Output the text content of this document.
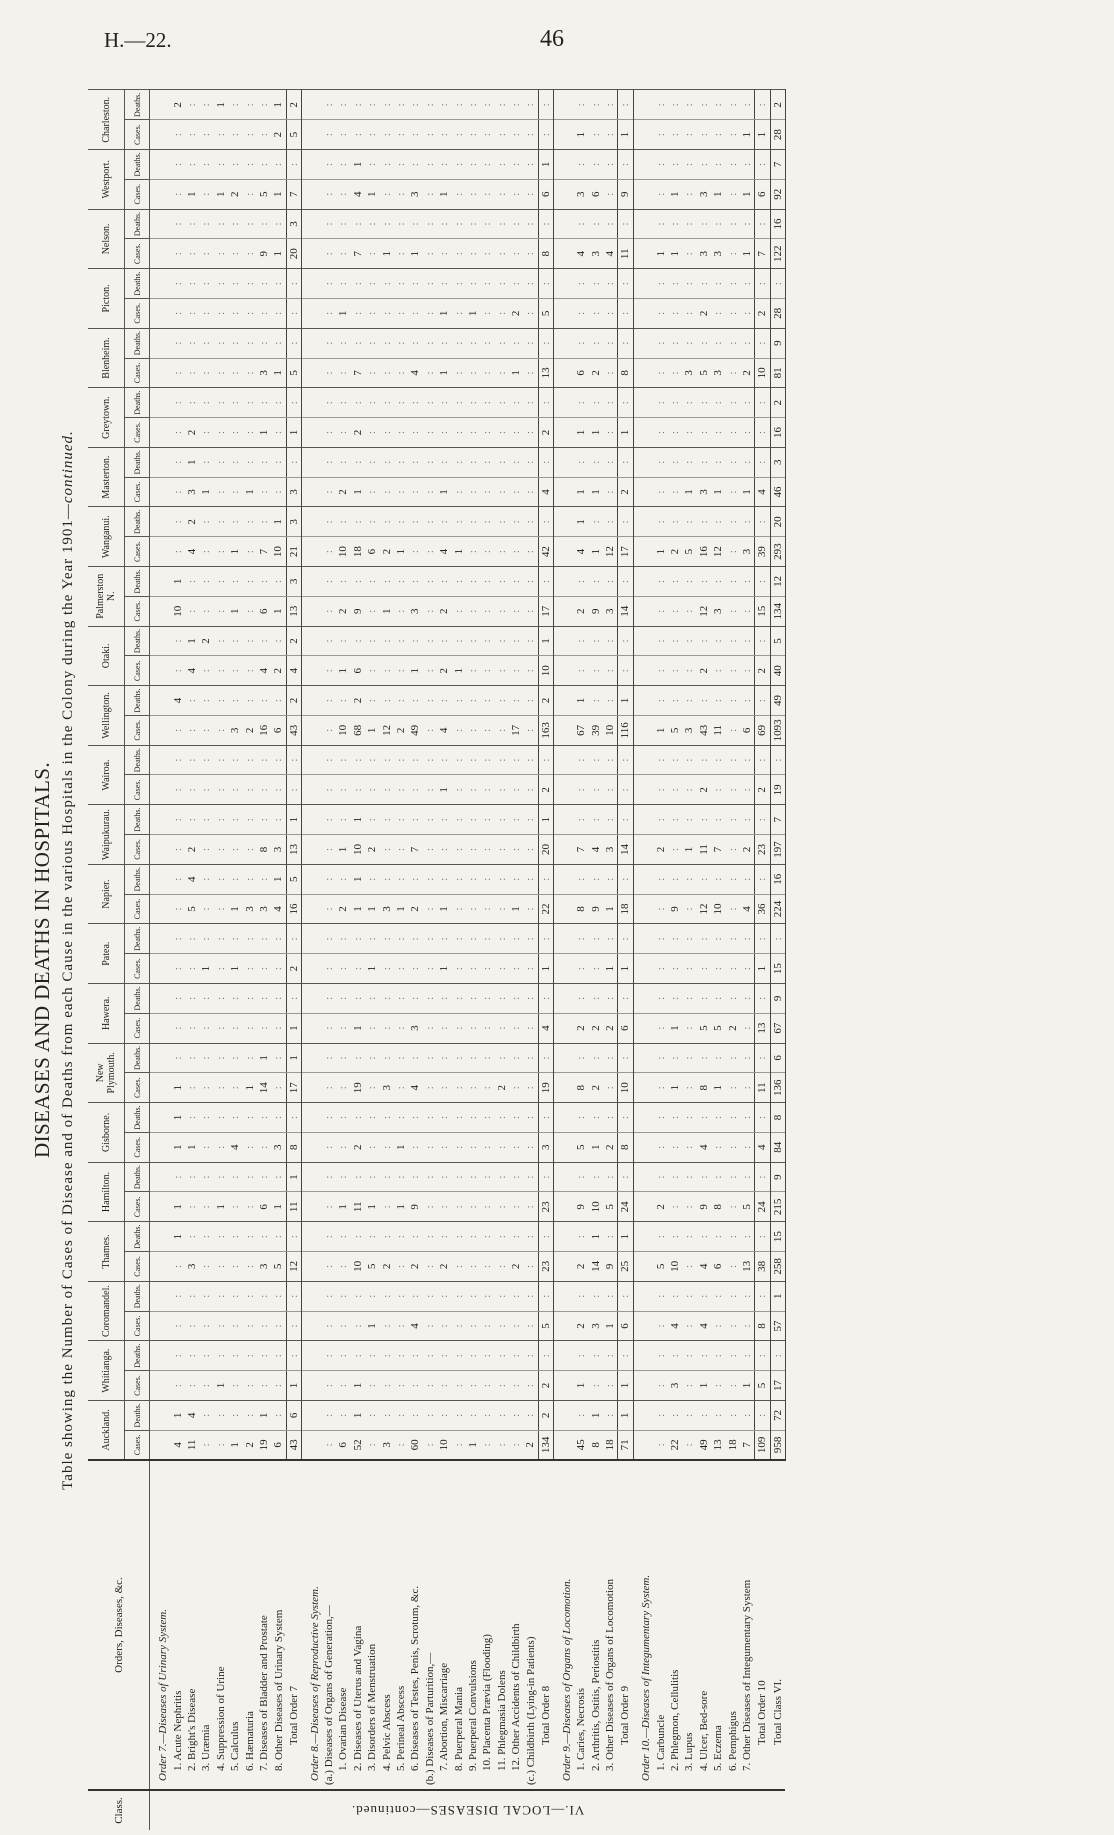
H.—22.	46
DISEASES AND DEATHS IN HOSPITALS. Table showing the Number of Cases of Disease and of Deaths from each Cause in the various Hospitals in the Colony during the Year 1901—continued.
Class.	Orders, Diseases, &c.	Auckland.		Whitianga.		Coromandel.		Thames.		Hamilton.		Gisborne.		New Plymouth.		Hawera.		Patea.		Napier.		Waipukurau.		Wairoa.		Wellington.		Otaki.		Palmerston N.		Wanganui.		Masterton.		Greytown.		Blenheim.		Picton.		Nelson.		Westport.		Charleston.	
		Cases.	Deaths.	Cases.	Deaths.	Cases.	Deaths.	Cases.	Deaths.	Cases.	Deaths.	Cases.	Deaths.	Cases.	Deaths.	Cases.	Deaths.	Cases.	Deaths.	Cases.	Deaths.	Cases.	Deaths.	Cases.	Deaths.	Cases.	Deaths.	Cases.	Deaths.	Cases.	Deaths.	Cases.	Deaths.	Cases.	Deaths.	Cases.	Deaths.	Cases.	Deaths.	Cases.	Deaths.	Cases.	Deaths.	Cases.	Deaths.	Cases.	Deaths.

VI.—LOCAL DISEASES—continued.	Order 7.—Diseases of Urinary System.																																														
	1. Acute Nephritis	4	1	:	:	:	:	:	1	1	:	1	1	1	:	:	:	:	:	:	:	:	:	:	:	:	4	:	:	10	1	:	:	:	:	:	:	:	:	:	:	:	:	:	:	:	2
	2. Bright's Disease	11	4	:	:	:	:	3	:	:	:	1	:	:	:	:	:	:	:	5	4	2	:	:	:	:	:	4	1	:	:	4	2	3	1	2	:	:	:	:	:	:	:	1	:	:	:
	3. Uræmia	:	:	:	:	:	:	:	:	:	:	:	:	:	:	:	:	1	:	:	:	:	:	:	:	:	:	:	2	:	:	:	:	1	:	:	:	:	:	:	:	:	:	:	:	:	:
	4. Suppression of Urine	:	:	1	:	:	:	:	:	1	:	:	:	:	:	:	:	:	:	:	:	:	:	:	:	:	:	:	:	:	:	:	:	:	:	:	:	:	:	:	:	:	:	1	:	:	1
	5. Calculus	1	:	:	:	:	:	:	:	:	:	4	:	:	:	:	:	1	:	1	:	:	:	:	:	3	:	:	:	1	:	1	:	:	:	:	:	:	:	:	:	:	:	2	:	:	:
	6. Hæmaturia	2	:	:	:	:	:	:	:	:	:	:	:	1	:	:	:	:	:	3	:	:	:	:	:	2	:	:	:	:	:	:	:	1	:	:	:	:	:	:	:	:	:	:	:	:	:
	7. Diseases of Bladder and Prostate	19	1	:	:	:	:	3	:	6	:	:	:	14	1	:	:	:	:	3	:	8	:	:	:	16	:	4	:	6	:	7	:	:	:	1	:	3	:	:	:	9	:	5	:	:	:
	8. Other Diseases of Urinary System	6	:	:	:	:	:	5	:	1	:	3	:	:	:	:	:	:	:	4	1	3	:	:	:	6	:	2	:	1	:	10	1	:	:	:	:	1	:	:	:	1	:	1	:	2	1
	Total Order 7	43	6	1	:	:	:	12	:	11	1	8	:	17	1	1	:	2	:	16	5	13	1	:	:	43	2	4	2	13	3	21	3	3	:	1	:	5	:	:	:	20	3	7	:	5	2
	Order 8.—Diseases of Reproductive System.																																														
	(a.) Diseases of Organs of Generation,—	:	:	:	:	:	:	:	:	:	:	:	:	:	:	:	:	:	:	:	:	:	:	:	:	:	:	:	:	:	:	:	:	:	:	:	:	:	:	:	:	:	:	:	:	:	:
	1. Ovarian Disease	6	:	:	:	:	:	:	:	1	:	:	:	:	:	:	:	:	:	2	:	1	:	:	:	10	:	1	:	2	:	10	:	2	:	:	:	:	:	1	:	:	:	:	:	:	:
	2. Diseases of Uterus and Vagina	52	1	1	:	:	:	10	:	11	:	2	:	19	:	1	:	:	:	1	1	10	1	:	:	68	2	6	:	9	:	18	:	1	:	2	:	7	:	:	:	7	:	4	1	:	:
	3. Disorders of Menstruation	:	:	:	:	1	:	5	:	1	:	:	:	:	:	:	:	1	:	1	:	2	:	:	:	1	:	:	:	:	:	6	:	:	:	:	:	:	:	:	:	:	:	1	:	:	:
	4. Pelvic Abscess	3	:	:	:	:	:	2	:	:	:	:	:	3	:	:	:	:	:	3	:	:	:	:	:	12	:	:	:	1	:	2	:	:	:	:	:	:	:	:	:	1	:	:	:	:	:
	5. Perineal Abscess	:	:	:	:	:	:	:	:	1	:	1	:	:	:	:	:	:	:	1	:	:	:	:	:	2	:	:	:	:	:	1	:	:	:	:	:	:	:	:	:	:	:	:	:	:	:
	6. Diseases of Testes, Penis, Scrotum, &c.	60	:	:	:	4	:	2	:	9	:	:	:	4	:	3	:	:	:	2	:	7	:	:	:	49	:	1	:	3	:	:	:	:	:	:	:	4	:	:	:	1	:	3	:	:	:
	(b.) Diseases of Parturition,—	:	:	:	:	:	:	:	:	:	:	:	:	:	:	:	:	:	:	:	:	:	:	:	:	:	:	:	:	:	:	:	:	:	:	:	:	:	:	:	:	:	:	:	:	:	:
	7. Abortion, Miscarriage	10	:	:	:	:	:	2	:	:	:	:	:	:	:	:	:	1	:	1	:	:	:	1	:	4	:	2	:	2	:	4	:	1	:	:	:	1	:	1	:	:	:	1	:	:	:
	8. Puerperal Mania	:	:	:	:	:	:	:	:	:	:	:	:	:	:	:	:	:	:	:	:	:	:	:	:	:	:	1	:	:	:	1	:	:	:	:	:	:	:	:	:	:	:	:	:	:	:
	9. Puerperal Convulsions	1	:	:	:	:	:	:	:	:	:	:	:	:	:	:	:	:	:	:	:	:	:	:	:	:	:	:	:	:	:	:	:	:	:	:	:	:	:	1	:	:	:	:	:	:	:
	10. Placenta Prævia (Flooding)	:	:	:	:	:	:	:	:	:	:	:	:	:	:	:	:	:	:	:	:	:	:	:	:	:	:	:	:	:	:	:	:	:	:	:	:	:	:	:	:	:	:	:	:	:	:
	11. Phlegmasia Dolens	:	:	:	:	:	:	:	:	:	:	:	:	2	:	:	:	:	:	:	:	:	:	:	:	:	:	:	:	:	:	:	:	:	:	:	:	:	:	:	:	:	:	:	:	:	:
	12. Other Accidents of Childbirth	:	:	:	:	:	:	2	:	:	:	:	:	:	:	:	:	:	:	1	:	:	:	:	:	17	:	:	:	:	:	:	:	:	:	:	:	1	:	2	:	:	:	:	:	:	:
	(c.) Childbirth (Lying-in Patients)	2	:	:	:	:	:	:	:	:	:	:	:	:	:	:	:	:	:	:	:	:	:	:	:	:	:	:	:	:	:	:	:	:	:	:	:	:	:	:	:	:	:	:	:	:	:
	Total Order 8	134	2	2	:	5	:	23	:	23	:	3	:	19	:	4	:	1	:	22	:	20	1	2	:	163	2	10	1	17	:	42	:	4	:	2	:	13	:	5	:	8	:	6	1	:	:
	Order 9.—Diseases of Organs of Locomotion.																																														
	1. Caries, Necrosis	45	:	1	:	2	:	2	:	9	:	5	:	8	:	2	:	:	:	8	:	7	:	:	:	67	1	:	:	2	:	4	1	1	:	1	:	6	:	:	:	4	:	3	:	1	:
	2. Arthritis, Ostitis, Periostitis	8	1	:	:	3	:	14	1	10	:	1	:	2	:	2	:	:	:	9	:	4	:	:	:	39	:	:	:	9	:	1	:	1	:	1	:	2	:	:	:	3	:	6	:	:	:
	3. Other Diseases of Organs of Locomotion	18	:	:	:	1	:	9	:	5	:	2	:	:	:	2	:	1	:	1	:	3	:	:	:	10	:	:	:	3	:	12	:	:	:	:	:	:	:	:	:	4	:	:	:	:	:
	Total Order 9	71	1	1	:	6	:	25	1	24	:	8	:	10	:	6	:	1	:	18	:	14	:	:	:	116	1	:	:	14	:	17	:	2	:	1	:	8	:	:	:	11	:	9	:	1	:
	Order 10.—Diseases of Integumentary System.																																														
	1. Carbuncle	:	:	:	:	:	:	5	:	2	:	:	:	:	:	:	:	:	:	:	:	2	:	:	:	1	:	:	:	:	:	1	:	:	:	:	:	:	:	:	:	1	:	:	:	:	:
	2. Phlegmon, Cellulitis	22	:	3	:	4	:	10	:	:	:	:	:	1	:	1	:	:	:	9	:	:	:	:	:	5	:	:	:	:	:	2	:	:	:	:	:	:	:	:	:	1	:	1	:	:	:
	3. Lupus	:	:	:	:	:	:	:	:	:	:	:	:	:	:	:	:	:	:	:	:	1	:	:	:	3	:	:	:	:	:	5	:	1	:	:	:	3	:	:	:	:	:	:	:	:	:
	4. Ulcer, Bed-sore	49	:	1	:	4	:	4	:	9	:	4	:	8	:	5	:	:	:	12	:	11	:	2	:	43	:	2	:	12	:	16	:	3	:	:	:	5	:	2	:	3	:	3	:	:	:
	5. Eczema	13	:	:	:	:	:	6	:	8	:	:	:	1	:	5	:	:	:	10	:	7	:	:	:	11	:	:	:	3	:	12	:	1	:	:	:	3	:	:	:	3	:	1	:	:	:
	6. Pemphigus	18	:	:	:	:	:	:	:	:	:	:	:	:	:	2	:	:	:	:	:	:	:	:	:	:	:	:	:	:	:	:	:	:	:	:	:	:	:	:	:	:	:	:	:	:	:
	7. Other Diseases of Integumentary System	7	:	1	:	:	:	13	:	5	:	:	:	:	:	:	:	:	:	4	:	2	:	:	:	6	:	:	:	:	:	3	:	1	:	:	:	2	:	:	:	1	:	1	:	1	:
	Total Order 10	109	:	5	:	8	:	38	:	24	:	4	:	11	:	13	:	1	:	36	:	23	:	2	:	69	:	2	:	15	:	39	:	4	:	:	:	10	:	2	:	7	:	6	:	1	:
	Total Class VI.	958	72	17	:	57	1	258	15	215	9	84	8	136	6	67	9	15	:	224	16	197	7	19	:	1093	49	40	5	134	12	293	20	46	3	16	2	81	9	28	:	122	16	92	7	28	2
